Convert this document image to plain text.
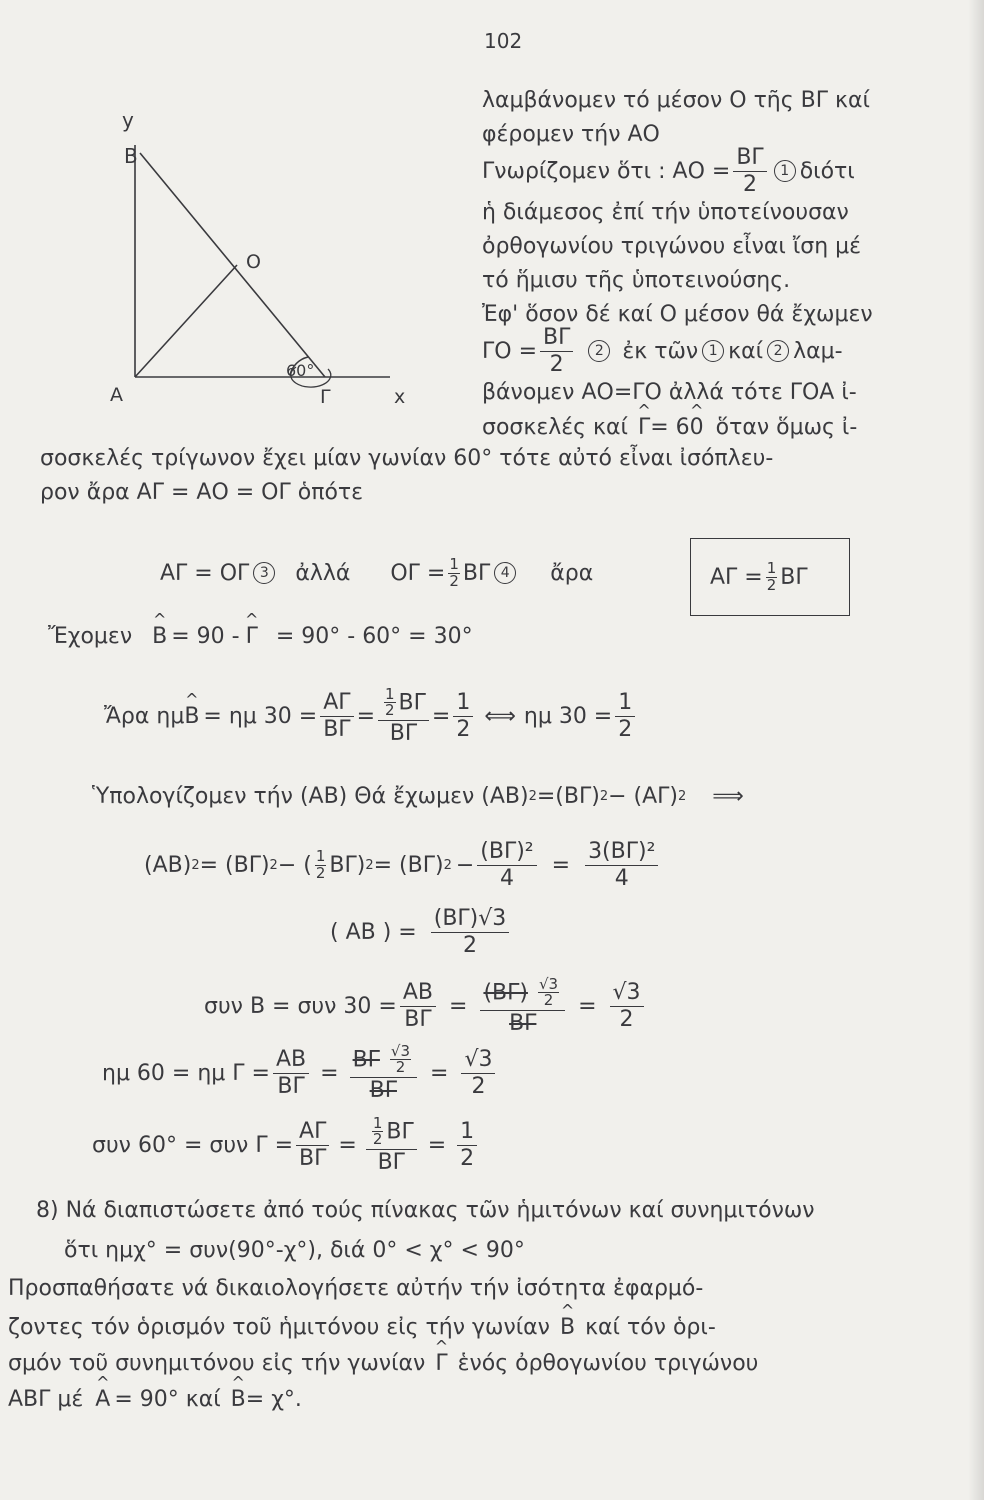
102
y
B
O
A	Γ	x
60°
λαμβάνομεν τό μέσον Ο τῆς ΒΓ καί
φέρομεν τήν ΑΟ
Γνωρίζομεν ὅτι : $AO = \frac{B\Gamma}{2} 1$ διότι
ἡ διάμεσος ἐπί τήν ὑποτείνουσαν
ὀρθογωνίου τριγώνου εἶναι ἴση μέ
τό ἥμισυ τῆς ὑποτεινούσης.
Ἐφ' ὅσον δέ καί Ο μέσον θά ἔχωμεν
$\Gamma O = \frac{B\Gamma}{2}$	2 ἐκ τῶν 1 καί 2 λαμ-
βάνομεν ΑΟ=ΓΟ ἀλλά τότε ΓΟΑ ἰ-
σοσκελές καί ^ Γ = 6 ^ 0 ὅταν ὅμως ἰ-
σοσκελές τρίγωνον ἔχει μίαν γωνίαν 60° τότε αὐτό εἶναι ἰσόπλευ-
ρον ἄρα ΑΓ = ΑΟ = ΟΓ ὁπότε
ΑΓ = ΟΓ 3 ἀλλά $O\Gamma = \frac{1}{2}$ ΒΓ 4 ἄρα	$A\Gamma = \frac{1}{2}$ ΒΓ
Ἔχομεν ^ B = 90 - ^ Γ = 90° - 60° = 30°
Ἄρα ημ ^ B = ημ $30 = \frac{A\Gamma}{B\Gamma} = \frac{\frac{1}{2} B\Gamma}{B\Gamma} = \frac{1}{2}$ ⟺ ημ $30 = \frac{1}{2}$
Ὑπολογίζομεν τήν (ΑΒ) Θά ἔχωμεν (ΑΒ) 2 =(ΒΓ) 2 − (ΑΓ) 2 ⟹
(ΑΒ) 2 = (ΒΓ) 2 − ( $\frac{1}{2} B\Gamma$) 2 = (ΒΓ) $2 - \frac{\text{(ΒΓ)²}}{4} = \frac{\text{3(ΒΓ)²}}{4}$
( ΑΒ ) = $\frac{(B\Gamma)√3}{2}$
συν Β = συν $30 = \frac{AB}{B\Gamma} = \frac{(B\Gamma) \frac{√3}{2}}{B\Gamma} = \frac{√3}{2}$
ημ 60 = ημ $\Gamma = \frac{AB}{B\Gamma} = \frac{B\Gamma \frac{√3}{2}}{B\Gamma} = \frac{√3}{2}$
συν 60° = συν $\Gamma = \frac{A\Gamma}{B\Gamma} = \frac{\frac{1}{2} B\Gamma}{B\Gamma} = \frac{1}{2}$
8) Νά διαπιστώσετε ἀπό τούς πίνακας τῶν ἡμιτόνων καί συνημιτόνων
ὅτι ημχ° = συν(90°-χ°), διά 0° < χ° < 90°
Προσπαθήσατε νά δικαιολογήσετε αὐτήν τήν ἰσότητα ἐφαρμό-
ζοντες τόν ὁρισμόν τοῦ ἡμιτόνου εἰς τήν γωνίαν ^ Β καί τόν ὁρι-
σμόν τοῦ συνημιτόνου εἰς τήν γωνίαν ^ Γ ἑνός ὀρθογωνίου τριγώνου
ΑΒΓ μέ ^ Α = 90° καί ^ Β = χ°.
